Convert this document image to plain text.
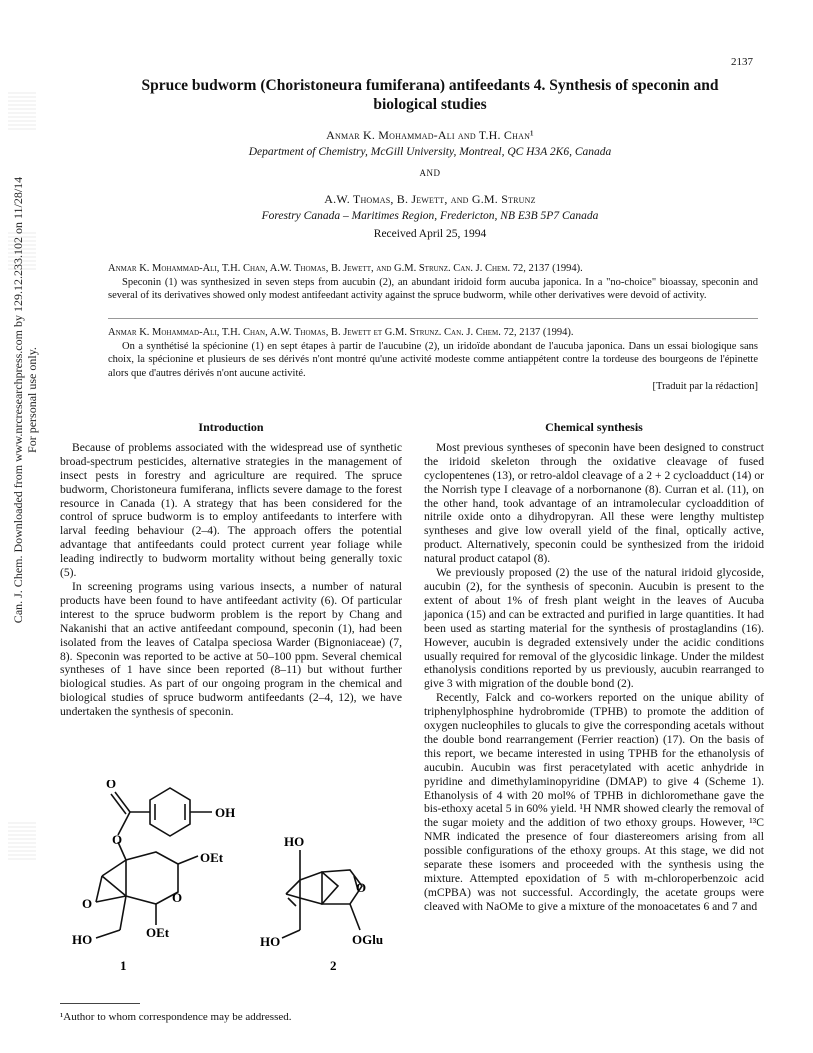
2137
Can. J. Chem. Downloaded from www.nrcresearchpress.com by 129.12.233.102 on 11/28/14 For personal use only.
Spruce budworm (Choristoneura fumiferana) antifeedants 4. Synthesis of speconin and
biological studies
Anmar K. Mohammad-Ali and T.H. Chan¹
Department of Chemistry, McGill University, Montreal, QC H3A 2K6, Canada
AND
A.W. Thomas, B. Jewett, and G.M. Strunz
Forestry Canada – Maritimes Region, Fredericton, NB E3B 5P7 Canada
Received April 25, 1994

Anmar K. Mohammad-Ali, T.H. Chan, A.W. Thomas, B. Jewett, and G.M. Strunz. Can. J. Chem. 72, 2137 (1994).

Speconin (1) was synthesized in seven steps from aucubin (2), an abundant iridoid form aucuba japonica. In a "no-choice" bioassay, speconin and several of its derivatives showed only modest antifeedant activity against the spruce budworm, while other derivatives were devoid of activity.

Anmar K. Mohammad-Ali, T.H. Chan, A.W. Thomas, B. Jewett et G.M. Strunz. Can. J. Chem. 72, 2137 (1994).

On a synthétisé la spécionine (1) en sept étapes à partir de l'aucubine (2), un iridoïde abondant de l'aucuba japonica. Dans un essai biologique sans choix, la spécionine et plusieurs de ses dérivés n'ont montré qu'une activité modeste comme antiappétent contre la tordeuse des bourgeons de l'épinette alors que d'autres dérivés n'ont aucune activité.

[Traduit par la rédaction]

Introduction

Because of problems associated with the widespread use of synthetic broad-spectrum pesticides, alternative strategies in the management of insect pests in forestry and agriculture are required. The spruce budworm, Choristoneura fumiferana, inflicts severe damage to the forest resource in Canada (1). A strategy that has been considered for the control of spruce budworm is to employ antifeedants to interfere with larval feeding behaviour (2–4). The approach offers the potential advantage that antifeedants could protect current year foliage while leading indirectly to budworm mortality without being generally toxic (5).

In screening programs using various insects, a number of natural products have been found to have antifeedant activity (6). Of particular interest to the spruce budworm problem is the report by Chang and Nakanishi that an active antifeedant compound, speconin (1), had been isolated from the leaves of Catalpa speciosa Warder (Bignoniaceae) (7, 8). Speconin was reported to be active at 50–100 ppm. Several chemical syntheses of 1 have since been reported (8–11) but without further biological studies. As part of our ongoing program in the chemical and biological studies of spruce budworm antifeedants (2–4, 12), we have undertaken the synthesis of speconin.

O
O
OH
OEt
O
O
OEt
HO
1
HO
O
HO	OGlu
2
¹Author to whom correspondence may be addressed.
Chemical synthesis

Most previous syntheses of speconin have been designed to construct the iridoid skeleton through the oxidative cleavage of fused cyclopentenes (13), or retro-aldol cleavage of a 2 + 2 cycloadduct (14) or the Norrish type I cleavage of a norbornanone (8). Curran et al. (11), on the other hand, took advantage of an intramolecular cycloaddition of nitrile oxide onto a dihydropyran. All these were lengthy multistep syntheses and give low overall yield of the final, optically active, product. Alternatively, speconin could be synthesized from the iridoid natural product catapol (8).

We previously proposed (2) the use of the natural iridoid glycoside, aucubin (2), for the synthesis of speconin. Aucubin is present to the extent of about 1% of fresh plant weight in the leaves of Aucuba japonica (15) and can be extracted and purified in large quantities. It had been used as starting material for the synthesis of prostaglandins (16). However, aucubin is degraded extensively under the acidic conditions usually required for removal of the glycosidic linkage. Under the mildest ethanolysis conditions reported by us previously, aucubin rearranged to give 3 with migration of the double bond (2).

Recently, Falck and co-workers reported on the unique ability of triphenylphosphine hydrobromide (TPHB) to promote the addition of oxygen nucleophiles to glucals to give the corresponding acetals without the double bond rearrangement (Ferrier reaction) (17). On the basis of this report, we became interested in using TPHB for the ethanolysis of aucubin. Aucubin was first peracetylated with acetic anhydride in pyridine and dimethylaminopyridine (DMAP) to give 4 (Scheme 1). Ethanolysis of 4 with 20 mol% of TPHB in dichloromethane gave the bis-ethoxy acetal 5 in 60% yield. ¹H NMR showed clearly the removal of the sugar moiety and the addition of two ethoxy groups. However, ¹³C NMR indicated the presence of four diastereomers arising from all possible configurations of the ethoxy groups. At this stage, we did not separate these isomers and proceeded with the synthesis using the mixture. Attempted epoxidation of 5 with m-chloroperbenzoic acid (mCPBA) was not successful. Accordingly, the acetate groups were cleaved with NaOMe to give a mixture of the monoacetates 6 and 7 and
